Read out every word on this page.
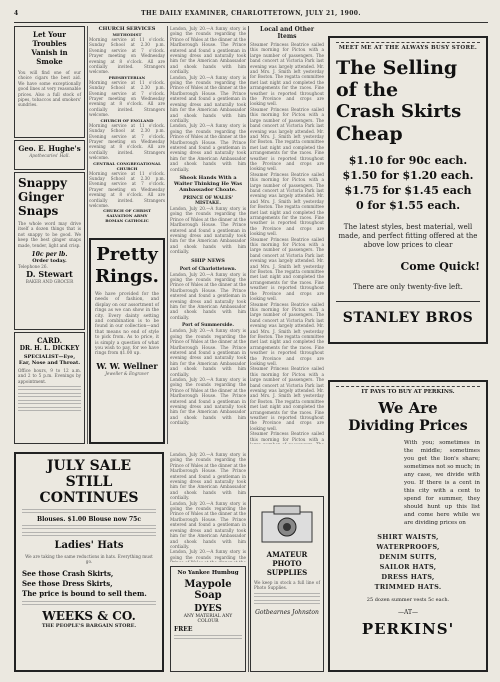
4	THE DAILY EXAMINER, CHARLOTTETOWN, JULY 21, 1900.
Let Your Troubles
Vanish in Smoke
You will find one of our choice cigars the best aid. We have some exceptionally good lines at very reasonable prices. Also a full stock of pipes, tobaccos and smokers' sundries.
Geo. E. Hughe's
Apothecaries' Hall.
Snappy
Ginger
Snaps
The whole word may drive itself a dozen things that is not snappy to be good. We keep the best ginger snaps made, tender, light and crisp.
10c per lb.
Order today.
Telephone 26.
D. Stewart
BAKER AND GROCER
CARD.
DR. H. L. DICKEY
SPECIALIST—Eye, Ear, Nose and Throat.
Office hours, 9 to 12 a.m. and 2 to 5 p.m. Evenings by appointment.
CHURCH SERVICES
METHODIST
Morning service at 11 o'clock. Sunday School at 2.30 p.m. Evening service at 7 o'clock. Prayer meeting on Wednesday evening at 8 o'clock. All are cordially invited. Strangers welcome.
PRESBYTERIAN
Morning service at 11 o'clock. Sunday School at 2.30 p.m. Evening service at 7 o'clock. Prayer meeting on Wednesday evening at 8 o'clock. All are cordially invited. Strangers welcome.
CHURCH OF ENGLAND
Morning service at 11 o'clock. Sunday School at 2.30 p.m. Evening service at 7 o'clock. Prayer meeting on Wednesday evening at 8 o'clock. All are cordially invited. Strangers welcome.
CENTRAL CONGREGATIONAL CHURCH
Morning service at 11 o'clock. Sunday School at 2.30 p.m. Evening service at 7 o'clock. Prayer meeting on Wednesday evening at 8 o'clock. All are cordially invited. Strangers welcome.
CHURCH OF CHRIST
SALVATION ARMY
ROMAN CATHOLIC
Pretty
Rings.
We have provided for the needs of fashion, and display on our assortment of rings as we can show in the city. Every dainty setting and combination is to be found in our collection—and that means no end of style to pick from. As to price, it is simply a question of what you wish to pay, for we have rings from $1.00 up.
W. W. Wellner
Jeweller & Engraver
London, July 20.—A funny story is going the rounds regarding the Prince of Wales at the dinner at the Marlborough House. The Prince entered and found a gentleman in evening dress and naturally took him for the American Ambassador and shook hands with him cordially.
London, July 20.—A funny story is going the rounds regarding the Prince of Wales at the dinner at the Marlborough House. The Prince entered and found a gentleman in evening dress and naturally took him for the American Ambassador and shook hands with him cordially.
London, July 20.—A funny story is going the rounds regarding the Prince of Wales at the dinner at the Marlborough House. The Prince entered and found a gentleman in evening dress and naturally took him for the American Ambassador and shook hands with him cordially.
Shook Hands With a Waiter Thinking He Was Ambassador Choate.
PRINCE OF WALES' MISTAKE.
London, July 20.—A funny story is going the rounds regarding the Prince of Wales at the dinner at the Marlborough House. The Prince entered and found a gentleman in evening dress and naturally took him for the American Ambassador and shook hands with him cordially.
SHIP NEWS
Port of Charlottetown.
London, July 20.—A funny story is going the rounds regarding the Prince of Wales at the dinner at the Marlborough House. The Prince entered and found a gentleman in evening dress and naturally took him for the American Ambassador and shook hands with him cordially.
Port of Summerside.
London, July 20.—A funny story is going the rounds regarding the Prince of Wales at the dinner at the Marlborough House. The Prince entered and found a gentleman in evening dress and naturally took him for the American Ambassador and shook hands with him cordially.
London, July 20.—A funny story is going the rounds regarding the Prince of Wales at the dinner at the Marlborough House. The Prince entered and found a gentleman in evening dress and naturally took him for the American Ambassador and shook hands with him cordially.
Local and Other Items
Steamer Princess Beatrice sailed this morning for Pictou with a large number of passengers. The band concert at Victoria Park last evening was largely attended. Mr. and Mrs. J. Smith left yesterday for Boston. The regatta committee met last night and completed the arrangements for the races. Fine weather is reported throughout the Province and crops are looking well.
Steamer Princess Beatrice sailed this morning for Pictou with a large number of passengers. The band concert at Victoria Park last evening was largely attended. Mr. and Mrs. J. Smith left yesterday for Boston. The regatta committee met last night and completed the arrangements for the races. Fine weather is reported throughout the Province and crops are looking well.
Steamer Princess Beatrice sailed this morning for Pictou with a large number of passengers. The band concert at Victoria Park last evening was largely attended. Mr. and Mrs. J. Smith left yesterday for Boston. The regatta committee met last night and completed the arrangements for the races. Fine weather is reported throughout the Province and crops are looking well.
Steamer Princess Beatrice sailed this morning for Pictou with a large number of passengers. The band concert at Victoria Park last evening was largely attended. Mr. and Mrs. J. Smith left yesterday for Boston. The regatta committee met last night and completed the arrangements for the races. Fine weather is reported throughout the Province and crops are looking well.
Steamer Princess Beatrice sailed this morning for Pictou with a large number of passengers. The band concert at Victoria Park last evening was largely attended. Mr. and Mrs. J. Smith left yesterday for Boston. The regatta committee met last night and completed the arrangements for the races. Fine weather is reported throughout the Province and crops are looking well.
Steamer Princess Beatrice sailed this morning for Pictou with a large number of passengers. The band concert at Victoria Park last evening was largely attended. Mr. and Mrs. J. Smith left yesterday for Boston. The regatta committee met last night and completed the arrangements for the races. Fine weather is reported throughout the Province and crops are looking well.
Steamer Princess Beatrice sailed this morning for Pictou with a
MEET ME AT THE ALWAYS BUSY STORE.
The Selling
of the
Crash Skirts
Cheap
$1.10 for 90c each.
$1.50 for $1.20 each.
$1.75 for $1.45 each
0 for $1.55 each.
The latest styles, best material, well made, and perfect fitting offered at the above low prices to clear
Come Quick!
There are only twenty-five left.
STANLEY BROS
JULY SALE
STILL CONTINUES
Blouses. $1.00 Blouse now 75c
Ladies' Hats
We are taking the same reductions in hats. Everything must go.
See those Crash Skirts,
See those Dress Skirts,
The price is bound to sell them.
WEEKS & CO.
THE PEOPLE'S BARGAIN STORE.
London, July 20.—A funny story is going the rounds regarding the Prince of Wales at the dinner at the Marlborough House. The Prince entered and found a gentleman in evening dress and naturally took him for the American Ambassador and shook hands with him cordially.
London, July 20.—A funny story is going the rounds regarding the Prince of Wales at the dinner at the Marlborough House. The Prince entered and found a gentleman in evening dress and naturally took him for the American Ambassador and shook hands with him cordially.
London, July 20.—A funny story is going the rounds regarding the
No Yankee Humbug
Maypole Soap
DYES
ANY MATERIAL ANY COLOUR
FREE
AMATEUR
PHOTO
SUPPLIES
We keep in stock a full line of Photo Supplies.
Gotbearnes Johnston
IT PAYS TO BUY AT PERKINS.
We Are
Dividing Prices
With you; sometimes in the middle; sometimes you get the lion's share; sometimes not so much; in any case, we divide with you. If there is a cent in this city with a cent to spend for summer, they should hunt up this list and come here while we are dividing prices on
SHIRT WAISTS,
WATERPROOFS,
DENIM SUITS,
SAILOR HATS,
DRESS HATS,
TRIMMED HATS.
25 dozen summer vests 5c each.
—AT—
PERKINS'
